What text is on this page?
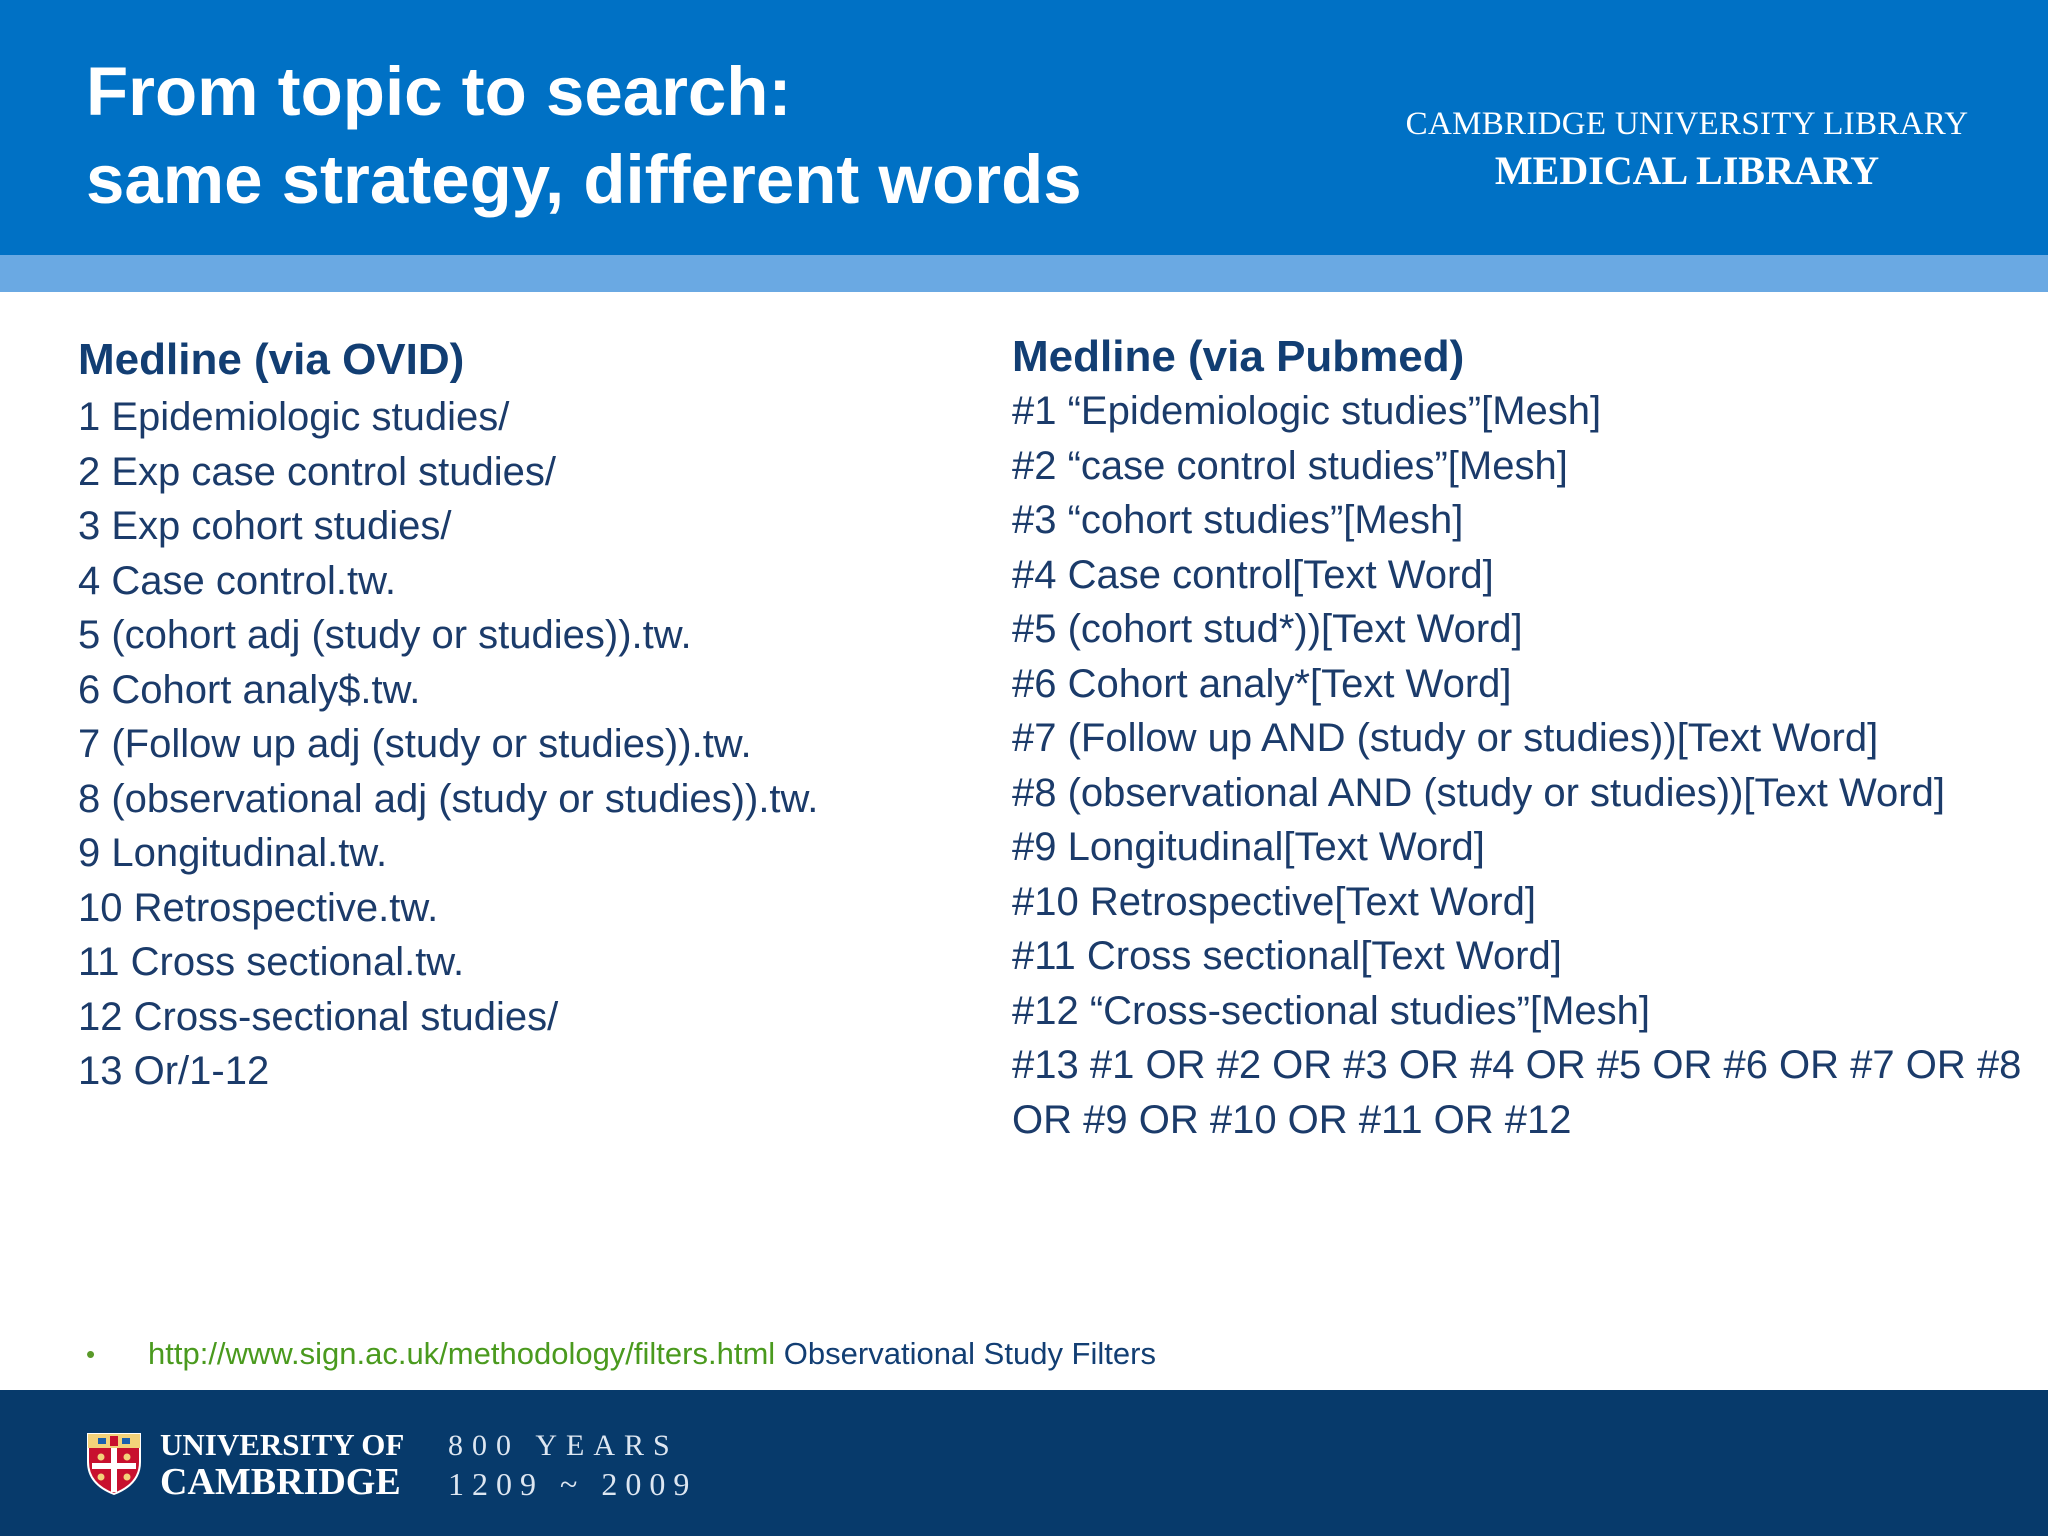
From topic to search:
same strategy, different words
CAMBRIDGE UNIVERSITY LIBRARY
MEDICAL LIBRARY
Medline (via OVID)
1 Epidemiologic studies/
2 Exp case control studies/
3 Exp cohort studies/
4 Case control.tw.
5 (cohort adj (study or studies)).tw.
6 Cohort analy$.tw.
7 (Follow up adj (study or studies)).tw.
8 (observational adj (study or studies)).tw.
9 Longitudinal.tw.
10 Retrospective.tw.
11 Cross sectional.tw.
12 Cross-sectional studies/
13 Or/1-12
Medline (via Pubmed)
#1 “Epidemiologic studies”[Mesh]
#2 “case control studies”[Mesh]
#3 “cohort studies”[Mesh]
#4 Case control[Text Word]
#5 (cohort stud*))[Text Word]
#6 Cohort analy*[Text Word]
#7 (Follow up AND (study or studies))[Text Word]
#8 (observational AND (study or studies))[Text Word]
#9 Longitudinal[Text Word]
#10 Retrospective[Text Word]
#11 Cross sectional[Text Word]
#12 “Cross-sectional studies”[Mesh]
#13 #1 OR #2 OR #3 OR #4 OR #5 OR #6 OR #7 OR #8 OR #9 OR #10 OR #11 OR #12
• http://www.sign.ac.uk/methodology/filters.html Observational Study Filters
UNIVERSITY OF
CAMBRIDGE
800 YEARS
1209 ~ 2009
